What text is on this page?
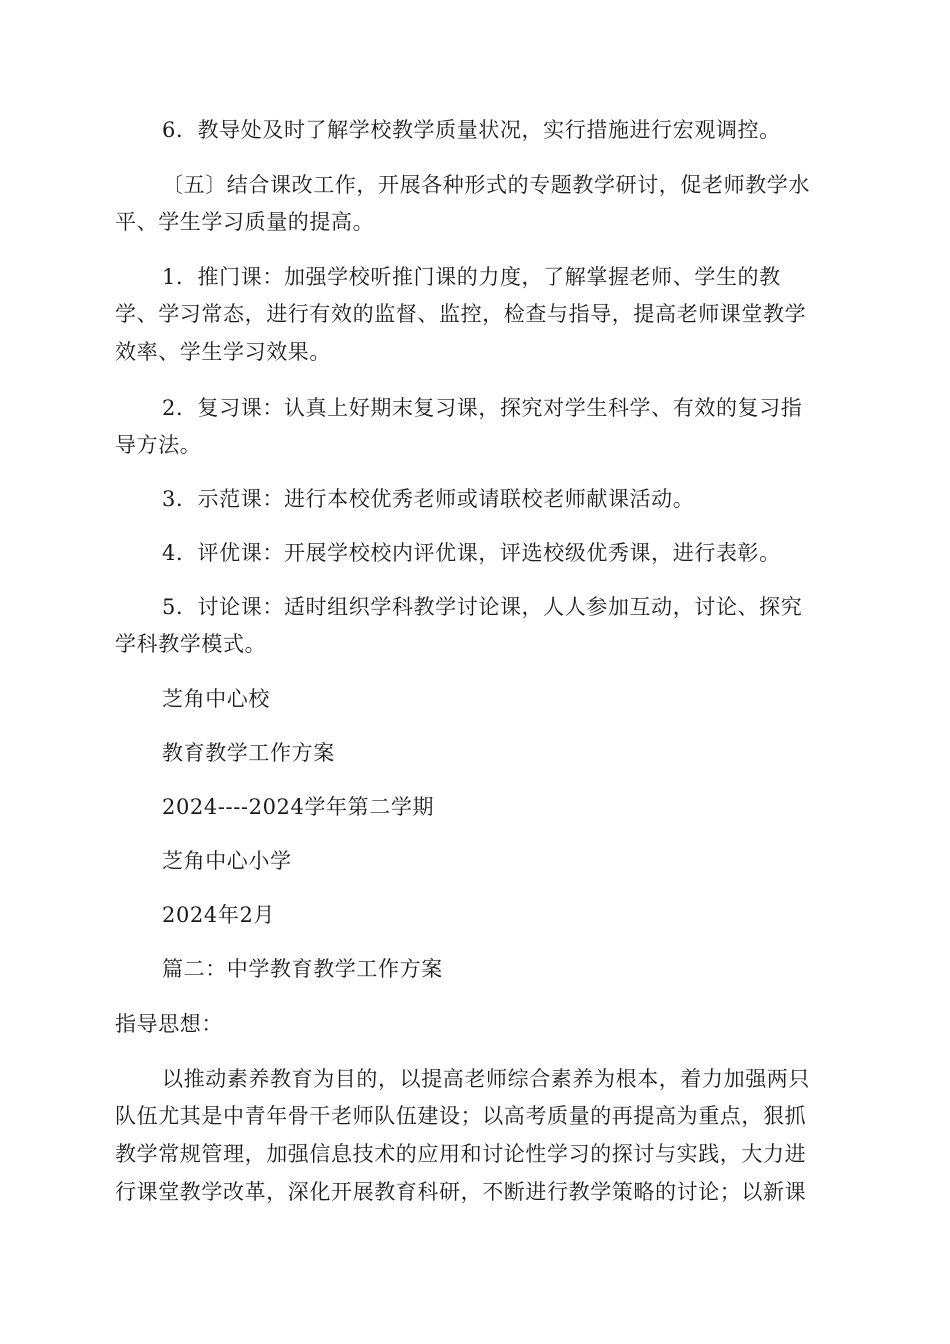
6．教导处及时了解学校教学质量状况，实行措施进行宏观调控。
〔五〕结合课改工作，开展各种形式的专题教学研讨，促老师教学水
平、学生学习质量的提高。
1．推门课：加强学校听推门课的力度，了解掌握老师、学生的教
学、学习常态，进行有效的监督、监控，检查与指导，提高老师课堂教学
效率、学生学习效果。
2．复习课：认真上好期末复习课，探究对学生科学、有效的复习指
导方法。
3．示范课：进行本校优秀老师或请联校老师献课活动。
4．评优课：开展学校校内评优课，评选校级优秀课，进行表彰。
5．讨论课：适时组织学科教学讨论课，人人参加互动，讨论、探究
学科教学模式。
芝角中心校
教育教学工作方案
2024----2024学年第二学期
芝角中心小学
2024年2月
篇二：中学教育教学工作方案
指导思想：
以推动素养教育为目的，以提高老师综合素养为根本，着力加强两只
队伍尤其是中青年骨干老师队伍建设；以高考质量的再提高为重点，狠抓
教学常规管理，加强信息技术的应用和讨论性学习的探讨与实践，大力进
行课堂教学改革，深化开展教育科研，不断进行教学策略的讨论；以新课
